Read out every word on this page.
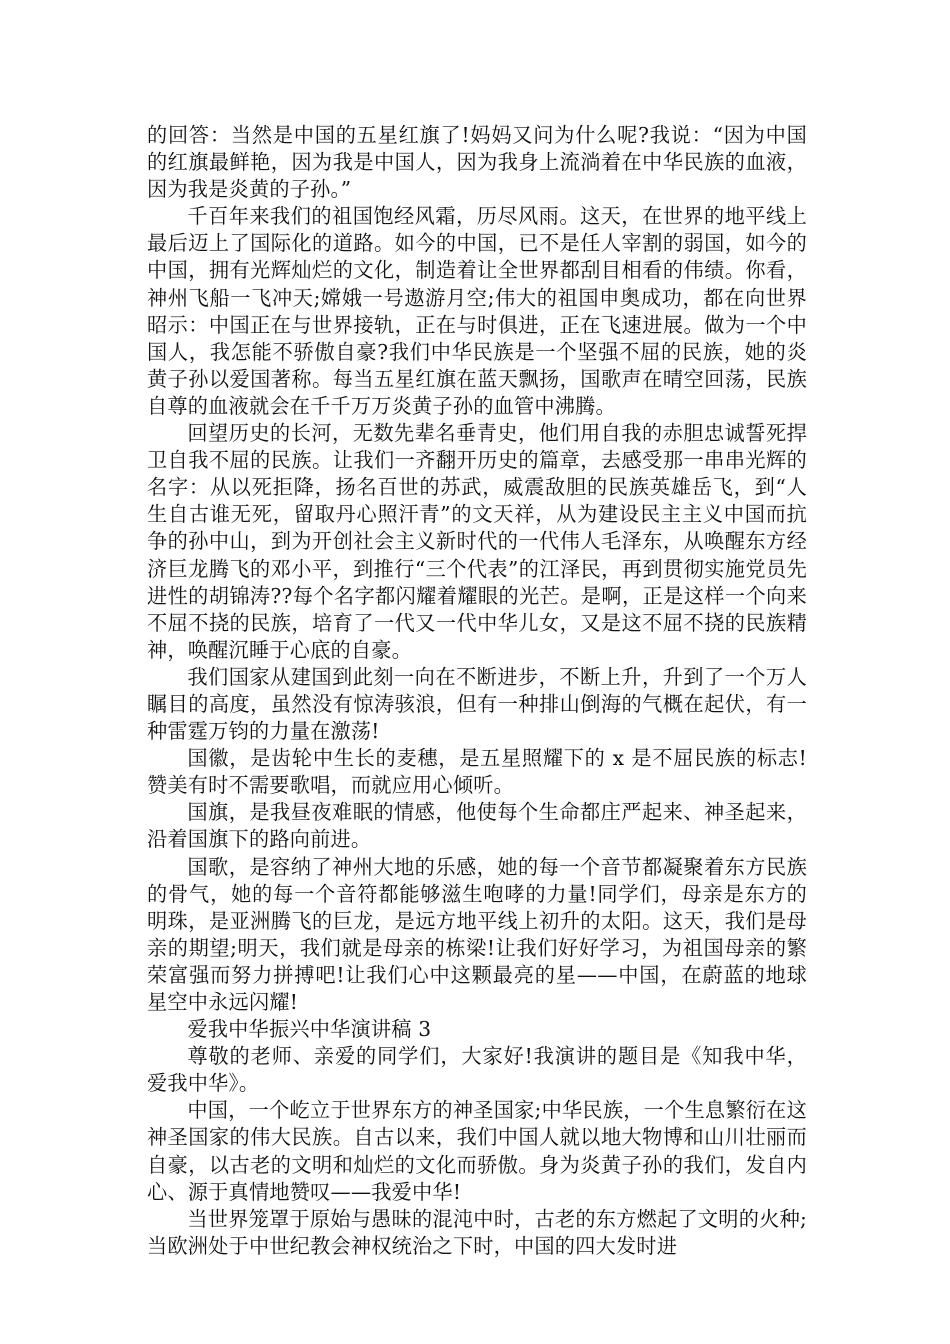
的回答：当然是中国的五星红旗了!妈妈又问为什么呢?我说：“因为中国的红旗最鲜艳，因为我是中国人，因为我身上流淌着在中华民族的血液，因为我是炎黄的子孙。”

千百年来我们的祖国饱经风霜，历尽风雨。这天，在世界的地平线上最后迈上了国际化的道路。如今的中国，已不是任人宰割的弱国，如今的中国，拥有光辉灿烂的文化，制造着让全世界都刮目相看的伟绩。你看，神州飞船一飞冲天;嫦娥一号遨游月空;伟大的祖国申奥成功，都在向世界昭示：中国正在与世界接轨，正在与时俱进，正在飞速进展。做为一个中国人，我怎能不骄傲自豪?我们中华民族是一个坚强不屈的民族，她的炎黄子孙以爱国著称。每当五星红旗在蓝天飘扬，国歌声在晴空回荡，民族自尊的血液就会在千千万万炎黄子孙的血管中沸腾。

回望历史的长河，无数先辈名垂青史，他们用自我的赤胆忠诚誓死捍卫自我不屈的民族。让我们一齐翻开历史的篇章，去感受那一串串光辉的名字：从以死拒降，扬名百世的苏武，威震敌胆的民族英雄岳飞，到“人生自古谁无死，留取丹心照汗青”的文天祥，从为建设民主主义中国而抗争的孙中山，到为开创社会主义新时代的一代伟人毛泽东，从唤醒东方经济巨龙腾飞的邓小平，到推行“三个代表”的江泽民，再到贯彻实施党员先进性的胡锦涛??每个名字都闪耀着耀眼的光芒。是啊，正是这样一个向来不屈不挠的民族，培育了一代又一代中华儿女，又是这不屈不挠的民族精神，唤醒沉睡于心底的自豪。

我们国家从建国到此刻一向在不断进步，不断上升，升到了一个万人瞩目的高度，虽然没有惊涛骇浪，但有一种排山倒海的气概在起伏，有一种雷霆万钧的力量在激荡!

国徽，是齿轮中生长的麦穗，是五星照耀下的 x 是不屈民族的标志!赞美有时不需要歌唱，而就应用心倾听。

国旗，是我昼夜难眠的情感，他使每个生命都庄严起来、神圣起来，沿着国旗下的路向前进。

国歌，是容纳了神州大地的乐感，她的每一个音节都凝聚着东方民族的骨气，她的每一个音符都能够滋生咆哮的力量!同学们，母亲是东方的明珠，是亚洲腾飞的巨龙，是远方地平线上初升的太阳。这天，我们是母亲的期望;明天，我们就是母亲的栋梁!让我们好好学习，为祖国母亲的繁荣富强而努力拼搏吧!让我们心中这颗最亮的星——中国，在蔚蓝的地球星空中永远闪耀!

爱我中华振兴中华演讲稿 3

尊敬的老师、亲爱的同学们，大家好!我演讲的题目是《知我中华，爱我中华》。

中国，一个屹立于世界东方的神圣国家;中华民族，一个生息繁衍在这神圣国家的伟大民族。自古以来，我们中国人就以地大物博和山川壮丽而自豪，以古老的文明和灿烂的文化而骄傲。身为炎黄子孙的我们，发自内心、源于真情地赞叹——我爱中华!

当世界笼罩于原始与愚昧的混沌中时，古老的东方燃起了文明的火种;当欧洲处于中世纪教会神权统治之下时，中国的四大发时进
